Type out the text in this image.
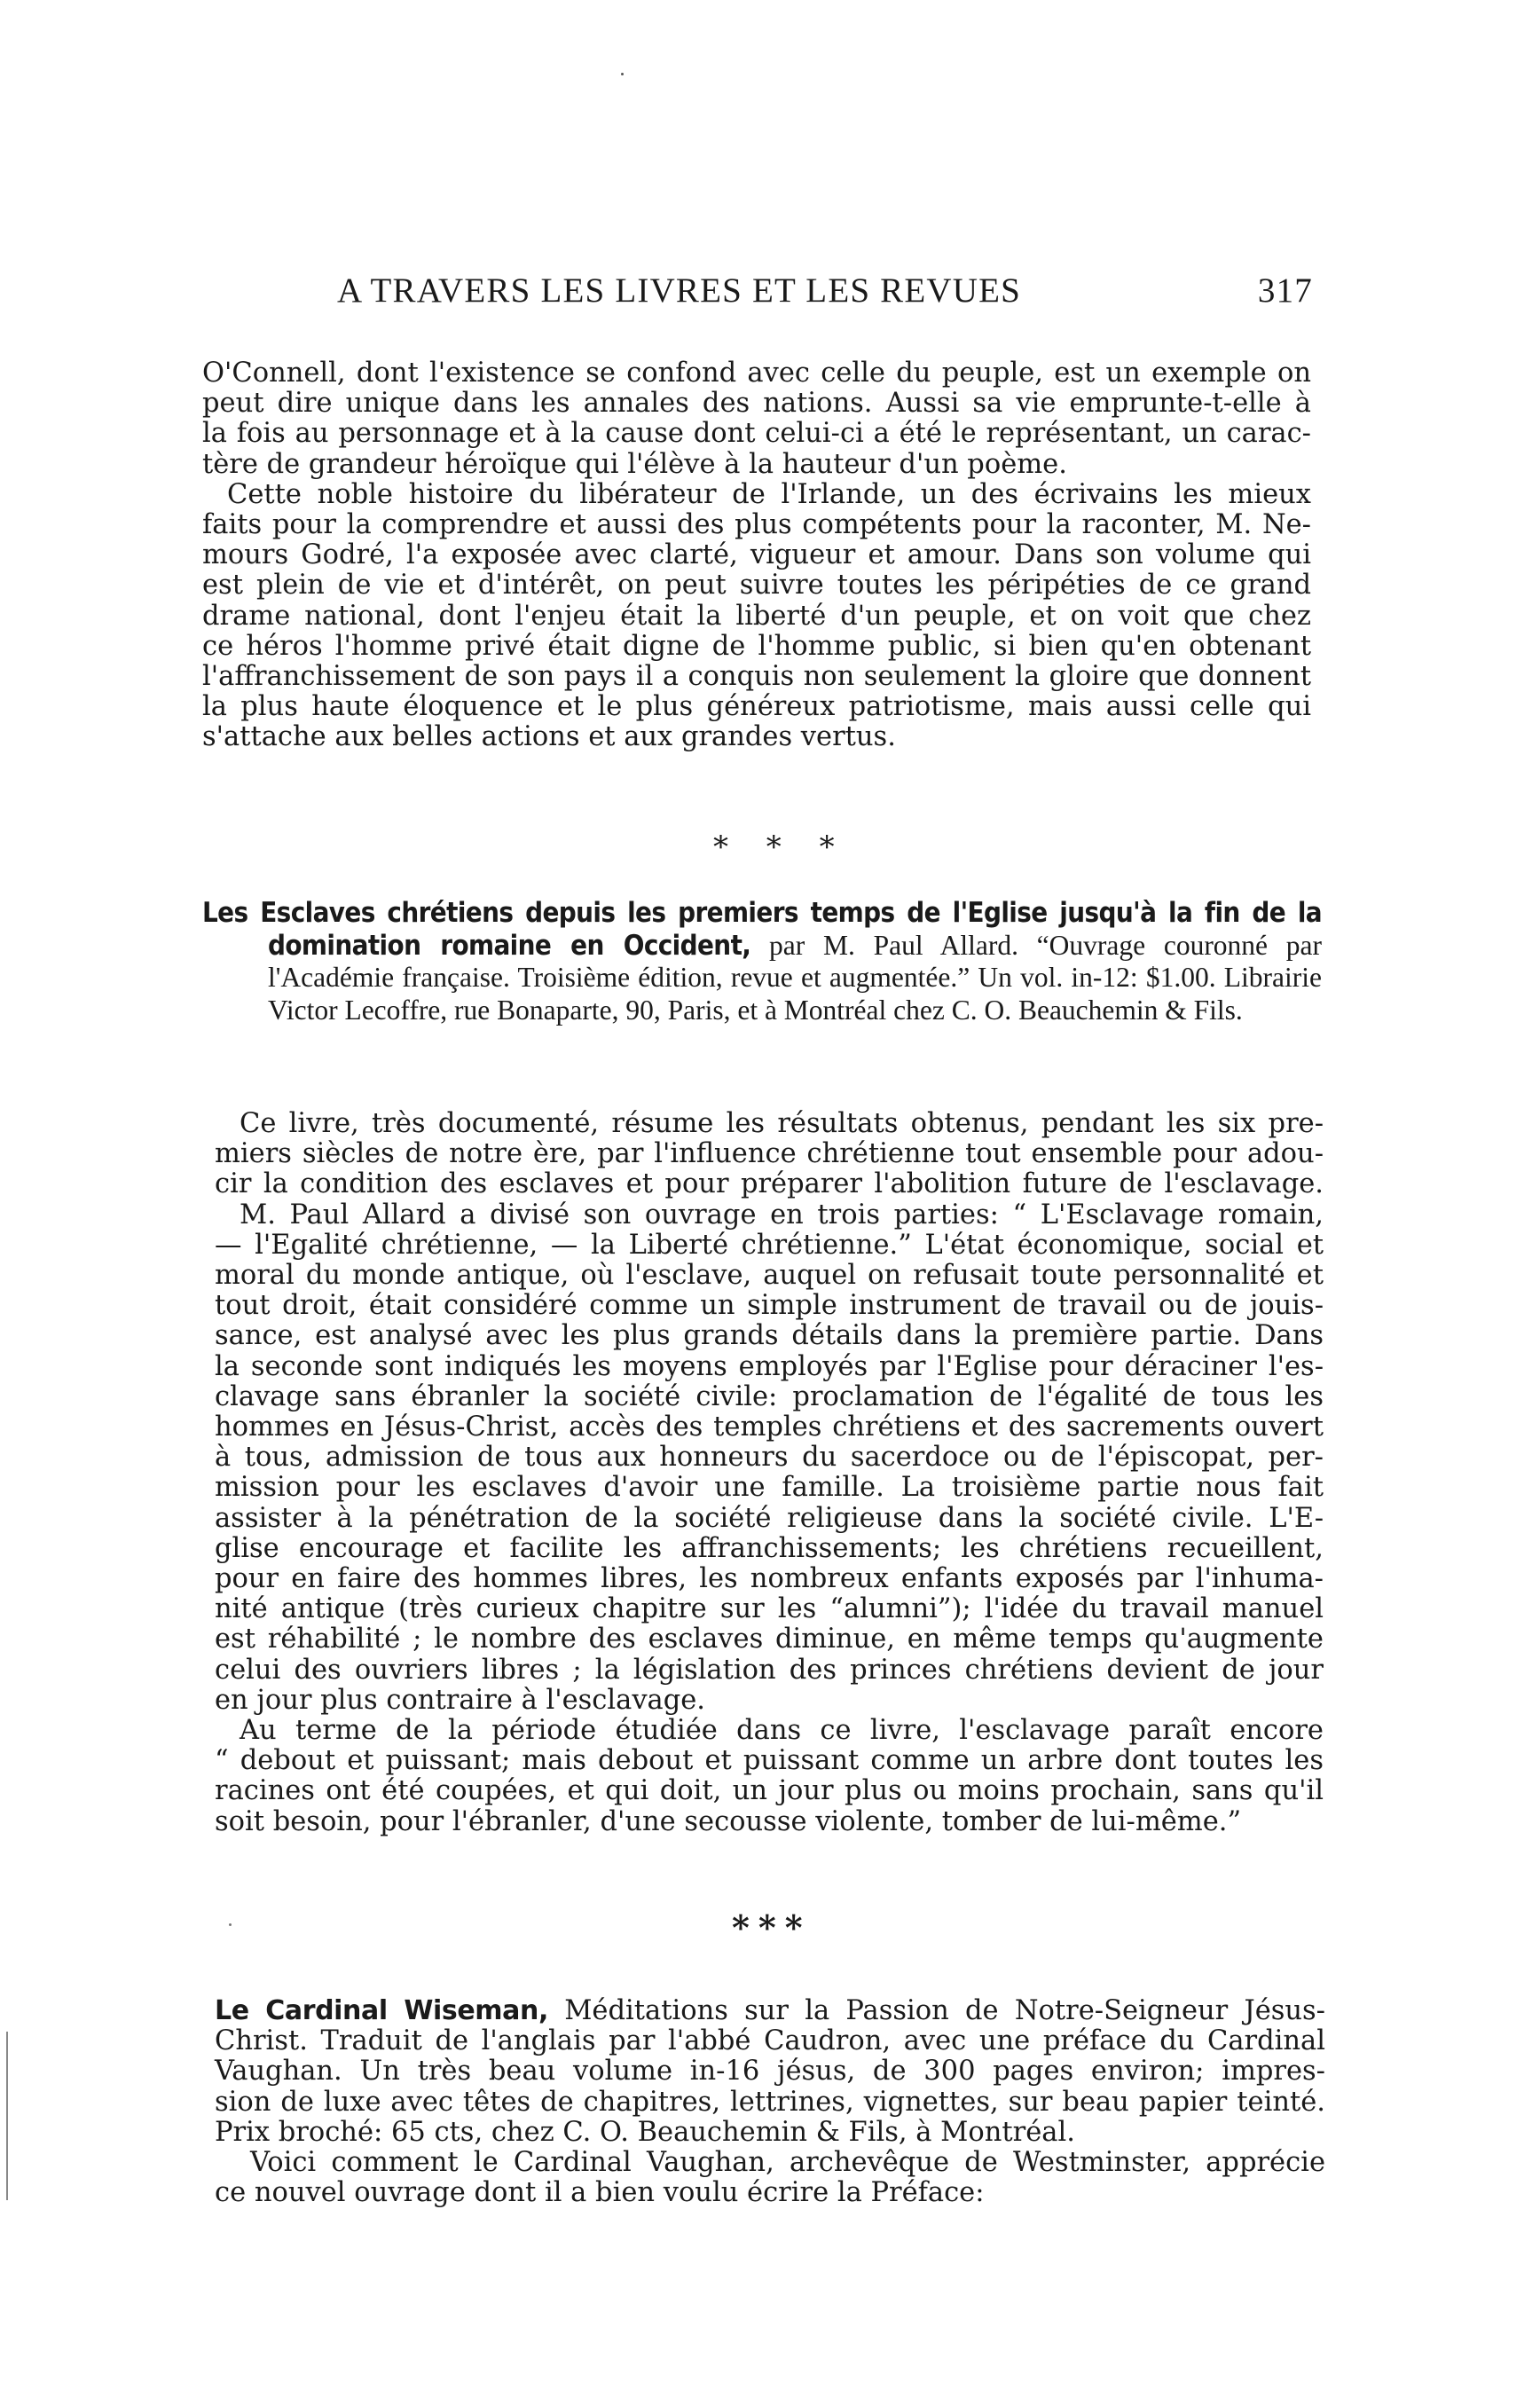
A TRAVERS LES LIVRES ET LES REVUES	317

O'Connell, dont l'existence se confond avec celle du peuple, est un exemple on

peut dire unique dans les annales des nations. Aussi sa vie emprunte-t-elle à

la fois au personnage et à la cause dont celui-ci a été le représentant, un carac-

tère de grandeur héroïque qui l'élève à la hauteur d'un poème.

Cette noble histoire du libérateur de l'Irlande, un des écrivains les mieux

faits pour la comprendre et aussi des plus compétents pour la raconter, M. Ne-

mours Godré, l'a exposée avec clarté, vigueur et amour. Dans son volume qui

est plein de vie et d'intérêt, on peut suivre toutes les péripéties de ce grand

drame national, dont l'enjeu était la liberté d'un peuple, et on voit que chez

ce héros l'homme privé était digne de l'homme public, si bien qu'en obtenant

l'affranchissement de son pays il a conquis non seulement la gloire que donnent

la plus haute éloquence et le plus généreux patriotisme, mais aussi celle qui

s'attache aux belles actions et aux grandes vertus.

* * *

Les Esclaves chrétiens depuis les premiers temps de l'Eglise jusqu'à la fin de la domination romaine en Occident, par M. Paul Allard. “Ouvrage couronné par l'Académie française. Troisième édition, revue et augmentée.” Un vol. in-12: $1.00. Librairie Victor Lecoffre, rue Bonaparte, 90, Paris, et à Montréal chez C. O. Beauchemin & Fils.

Ce livre, très documenté, résume les résultats obtenus, pendant les six pre-

miers siècles de notre ère, par l'influence chrétienne tout ensemble pour adou-

cir la condition des esclaves et pour préparer l'abolition future de l'esclavage.

M. Paul Allard a divisé son ouvrage en trois parties: “ L'Esclavage romain,

— l'Egalité chrétienne, — la Liberté chrétienne.” L'état économique, social et

moral du monde antique, où l'esclave, auquel on refusait toute personnalité et

tout droit, était considéré comme un simple instrument de travail ou de jouis-

sance, est analysé avec les plus grands détails dans la première partie. Dans

la seconde sont indiqués les moyens employés par l'Eglise pour déraciner l'es-

clavage sans ébranler la société civile: proclamation de l'égalité de tous les

hommes en Jésus-Christ, accès des temples chrétiens et des sacrements ouvert

à tous, admission de tous aux honneurs du sacerdoce ou de l'épiscopat, per-

mission pour les esclaves d'avoir une famille. La troisième partie nous fait

assister à la pénétration de la société religieuse dans la société civile. L'E-

glise encourage et facilite les affranchissements; les chrétiens recueillent,

pour en faire des hommes libres, les nombreux enfants exposés par l'inhuma-

nité antique (très curieux chapitre sur les “alumni”); l'idée du travail manuel

est réhabilité ; le nombre des esclaves diminue, en même temps qu'augmente

celui des ouvriers libres ; la législation des princes chrétiens devient de jour

en jour plus contraire à l'esclavage.

Au terme de la période étudiée dans ce livre, l'esclavage paraît encore

“ debout et puissant; mais debout et puissant comme un arbre dont toutes les

racines ont été coupées, et qui doit, un jour plus ou moins prochain, sans qu'il

soit besoin, pour l'ébranler, d'une secousse violente, tomber de lui-même.”

***

Le Cardinal Wiseman, Méditations sur la Passion de Notre-Seigneur Jésus-

Christ. Traduit de l'anglais par l'abbé Caudron, avec une préface du Cardinal

Vaughan. Un très beau volume in-16 jésus, de 300 pages environ; impres-

sion de luxe avec têtes de chapitres, lettrines, vignettes, sur beau papier teinté.

Prix broché: 65 cts, chez C. O. Beauchemin & Fils, à Montréal.

Voici comment le Cardinal Vaughan, archevêque de Westminster, apprécie

ce nouvel ouvrage dont il a bien voulu écrire la Préface:
